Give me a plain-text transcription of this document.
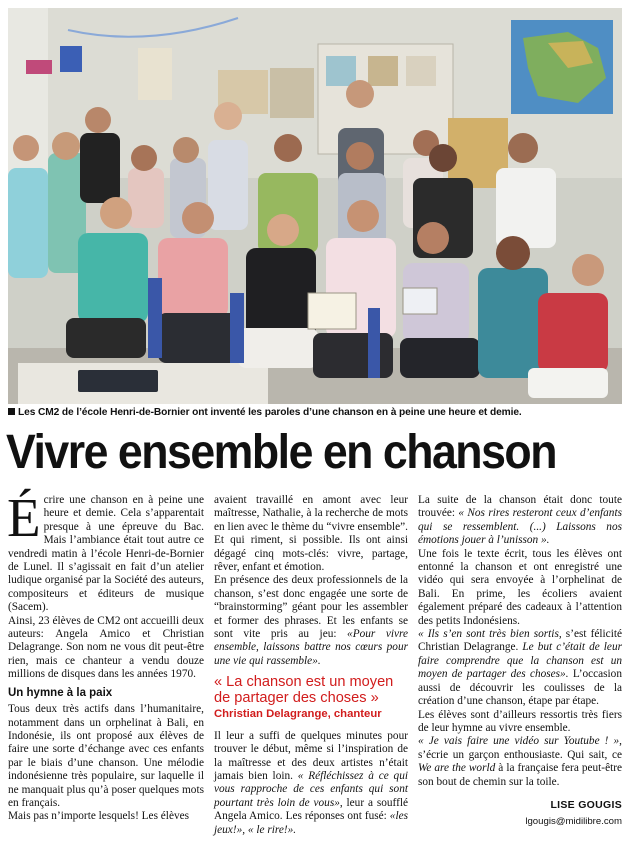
Les CM2 de l’école Henri-de-Bornier ont inventé les paroles d’une chanson en à peine une heure et demie.
Vivre ensemble en chanson

Écrire une chanson en à peine une heure et demie. Cela s’apparentait presque à une épreuve du Bac. Mais l’ambiance était tout autre ce vendredi matin à l’école Henri-de-Bornier de Lunel. Il s’agissait en fait d’un atelier ludique organisé par la Société des auteurs, compositeurs et éditeurs de musique (Sacem).

Ainsi, 23 élèves de CM2 ont accueilli deux auteurs: Angela Amico et Christian Delagrange. Son nom ne vous dit peut-être rien, mais ce chanteur a vendu douze millions de disques dans les années 1970.

Un hymne à la paix

Tous deux très actifs dans l’humanitaire, notamment dans un orphelinat à Bali, en Indonésie, ils ont proposé aux élèves de faire une sorte d’échange avec ces enfants par le biais d’une chanson. Une mélodie indonésienne très populaire, sur laquelle il ne manquait plus qu’à poser quelques mots en français.

Mais pas n’importe lesquels! Les élèves

avaient travaillé en amont avec leur maîtresse, Nathalie, à la recherche de mots en lien avec le thème du “vivre ensemble”. Et qui riment, si possible. Ils ont ainsi dégagé cinq mots-clés: vivre, partage, rêver, enfant et émotion.

En présence des deux professionnels de la chanson, s’est donc engagée une sorte de “brainstorming” géant pour les assembler et former des phrases. Et les enfants se sont vite pris au jeu: «Pour vivre ensemble, laissons battre nos cœurs pour une vie qui rassemble».

« La chanson est un moyen de partager des choses »
Christian Delagrange, chanteur

Il leur a suffi de quelques minutes pour trouver le début, même si l’inspiration de la maîtresse et des deux artistes n’était jamais bien loin. « Réfléchissez à ce qui vous rapproche de ces enfants qui sont pourtant très loin de vous», leur a soufflé Angela Amico. Les réponses ont fusé: «les jeux!», « le rire!».

La suite de la chanson était donc toute trouvée: « Nos rires resteront ceux d’enfants qui se ressemblent. (...) Laissons nos émotions jouer à l’unisson ».

Une fois le texte écrit, tous les élèves ont entonné la chanson et ont enregistré une vidéo qui sera envoyée à l’orphelinat de Bali. En prime, les écoliers avaient également préparé des cadeaux à l’attention des petits Indonésiens.

« Ils s’en sont très bien sortis, s’est félicité Christian Delagrange. Le but c’était de leur faire comprendre que la chanson est un moyen de partager des choses». L’occasion aussi de découvrir les coulisses de la création d’une chanson, étape par étape.

Les élèves sont d’ailleurs ressortis très fiers de leur hymne au vivre ensemble.

« Je vais faire une vidéo sur Youtube ! », s’écrie un garçon enthousiaste. Qui sait, ce We are the world à la française fera peut-être son bout de chemin sur la toile.

LISE GOUGIS
lgougis@midilibre.com
